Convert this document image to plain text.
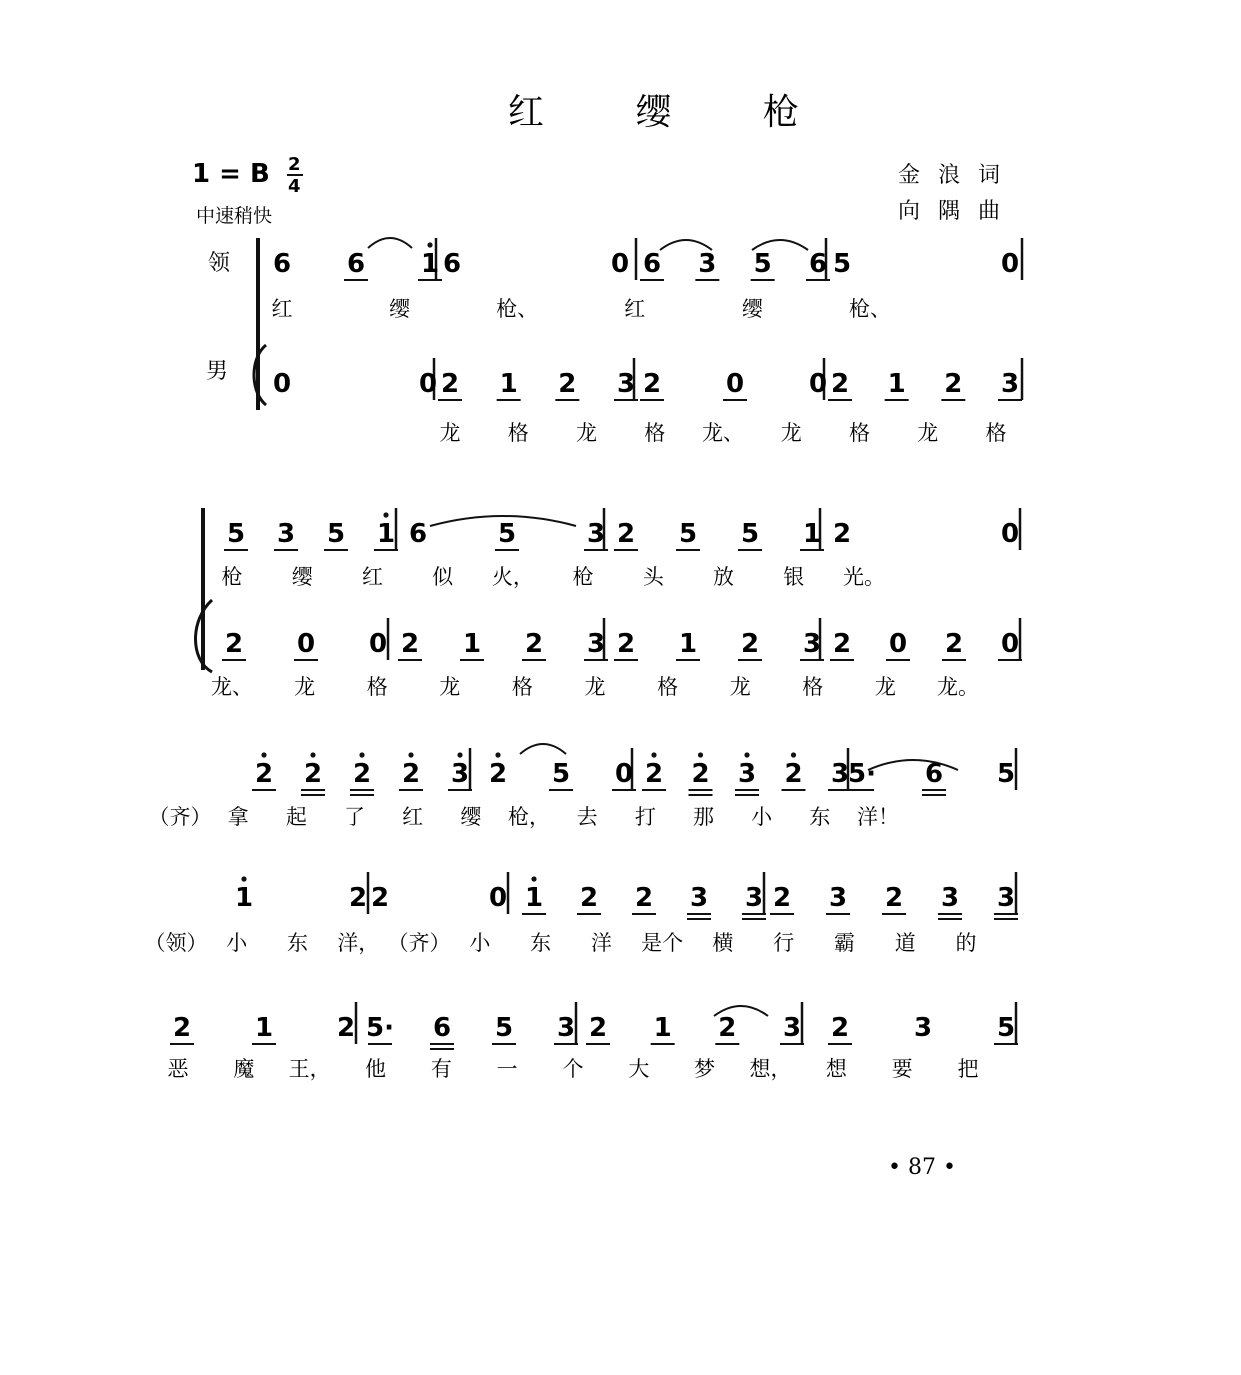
红 缨 枪
1 = B 2
4
中速稍快
金浪词
向隅曲
领
男
6 6 1 6	0 6 3 5 6 5	0
红	缨	枪、	红	缨	枪、
0	0 2 1 2 3 2 0 0 2 1 2 3
龙 格 龙 格 龙、 龙 格 龙 格
5 3 5 1 6	5	3 2 5 5 1 2	0
枪 缨 红 似 火， 枪 头 放 银 光。
2 0 0 2 1 2 3 2 1 2 3 2 0 2 0
龙、 龙 格 龙 格 龙 格 龙 格 龙 龙。
2 2 2 2 3 2 5 0 2 2 3 2 3
5· 6 5
（齐） 拿 起 了 红 缨 枪， 去 打 那 小 东 洋！
1	2 2	0 1 2 2 3 3 2 3 2 3 3
（领） 小 东 洋， （齐） 小 东 洋 是个 横 行 霸 道 的
2 1 2 5· 6 5 3 2 1 2 3 2 3 5
恶 魔 王， 他 有 一 个 大 梦 想， 想 要 把
• 87 •
